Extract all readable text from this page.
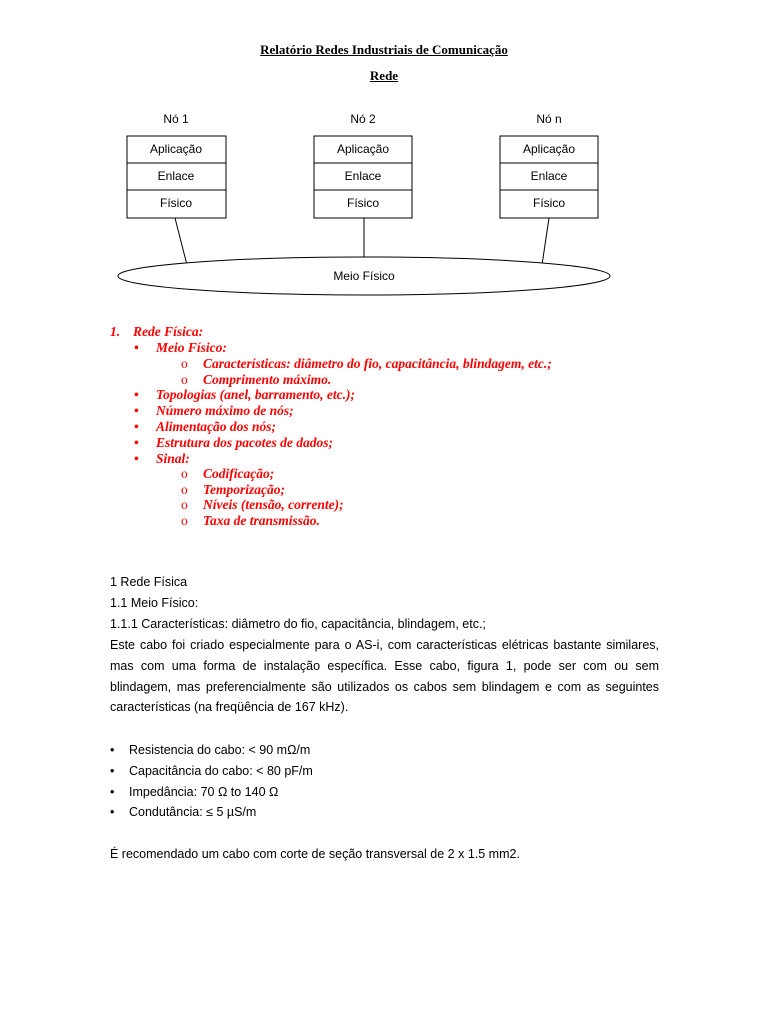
Relatório Redes Industriais de Comunicação
Rede
Nó 1
Aplicação
Enlace
Físico
Nó 2
Aplicação
Enlace
Físico
Nó n
Aplicação
Enlace
Físico
Meio Físico
1. Rede Física:
• Meio Físico:
o Características: diâmetro do fio, capacitância, blindagem, etc.;
o Comprimento máximo.
• Topologias (anel, barramento, etc.);
• Número máximo de nós;
• Alimentação dos nós;
• Estrutura dos pacotes de dados;
• Sinal:
o Codificação;
o Temporização;
o Níveis (tensão, corrente);
o Taxa de transmissão.
1 Rede Física
1.1 Meio Físico:
1.1.1 Características: diâmetro do fio, capacitância, blindagem, etc.;
Este cabo foi criado especialmente para o AS-i, com características elétricas bastante similares, mas com uma forma de instalação específica. Esse cabo, figura 1, pode ser com ou sem blindagem, mas preferencialmente são utilizados os cabos sem blindagem e com as seguintes características (na freqüência de 167 kHz).
• Resistencia do cabo: < 90 mΩ/m
• Capacitância do cabo: < 80 pF/m
• Impedância: 70 Ω to 140 Ω
• Condutância: ≤ 5 µS/m
É recomendado um cabo com corte de seção transversal de 2 x 1.5 mm2.
